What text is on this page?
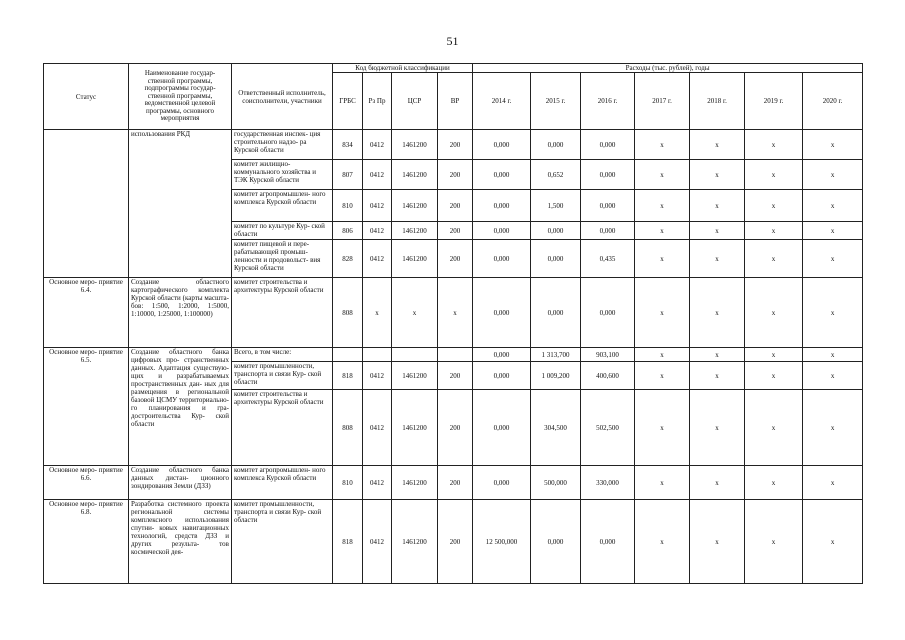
51
Статус	Наименование государ- ственной программы, подпрограммы государ- ственной программы, ведомственной целевой программы, основного мероприятия	Ответственный исполнитель, соисполнители, участники	Код бюджетной классификации				Расходы (тыс. рублей), годы						
			ГРБС	Рз Пр	ЦСР	ВР	2014 г.	2015 г.	2016 г.	2017 г.	2018 г.	2019 г.	2020 г.
	использования РКД	государственная инспек- ция строительного надзо- ра Курской области	834	0412	1461200	200	0,000	0,000	0,000	x	x	x	x
		комитет жилищно- коммунального хозяйства и ТЭК Курской области	807	0412	1461200	200	0,000	0,652	0,000	x	x	x	x
		комитет агропромышлен- ного комплекса Курской области	810	0412	1461200	200	0,000	1,500	0,000	x	x	x	x
		комитет по культуре Кур- ской области	806	0412	1461200	200	0,000	0,000	0,000	x	x	x	x
		комитет пищевой и пере- рабатывающей промыш- ленности и продовольст- вия Курской области	828	0412	1461200	200	0,000	0,000	0,435	x	x	x	x
Основное меро- приятие 6.4.	Создание областного картографического комплекта Курской области (карты масшта- бов: 1:500, 1:2000, 1:5000, 1:10000, 1:25000, 1:100000)	комитет строительства и архитектуры Курской области	808	x	x	x	0,000	0,000	0,000	x	x	x	x
Основное меро- приятие 6.5.	Создание областного банка цифровых про- странственных данных. Адаптация существую- щих и разрабатываемых пространственных дан- ных для размещения в региональной базовой ЦСМУ территориально- го планирования и гра- достроительства Кур- ской области	Всего, в том числе:					0,000	1 313,700	903,100	x	x	x	x
		комитет промышленности, транспорта и связи Кур- ской области	818	0412	1461200	200	0,000	1 009,200	400,600	x	x	x	x
		комитет строительства и архитектуры Курской области	808	0412	1461200	200	0,000	304,500	502,500	x	x	x	x
Основное меро- приятие 6.6.	Создание областного банка данных дистан- ционного зондирования Земли (ДЗЗ)	комитет агропромышлен- ного комплекса Курской области	810	0412	1461200	200	0,000	500,000	330,000	x	x	x	x
Основное меро- приятие 6.8.	Разработка системного проекта региональной системы комплексного использования спутни- ковых навигационных технологий, средств ДЗЗ и других результа- тов космической дея-	комитет промышленности, транспорта и связи Кур- ской области	818	0412	1461200	200	12 500,000	0,000	0,000	x	x	x	x
